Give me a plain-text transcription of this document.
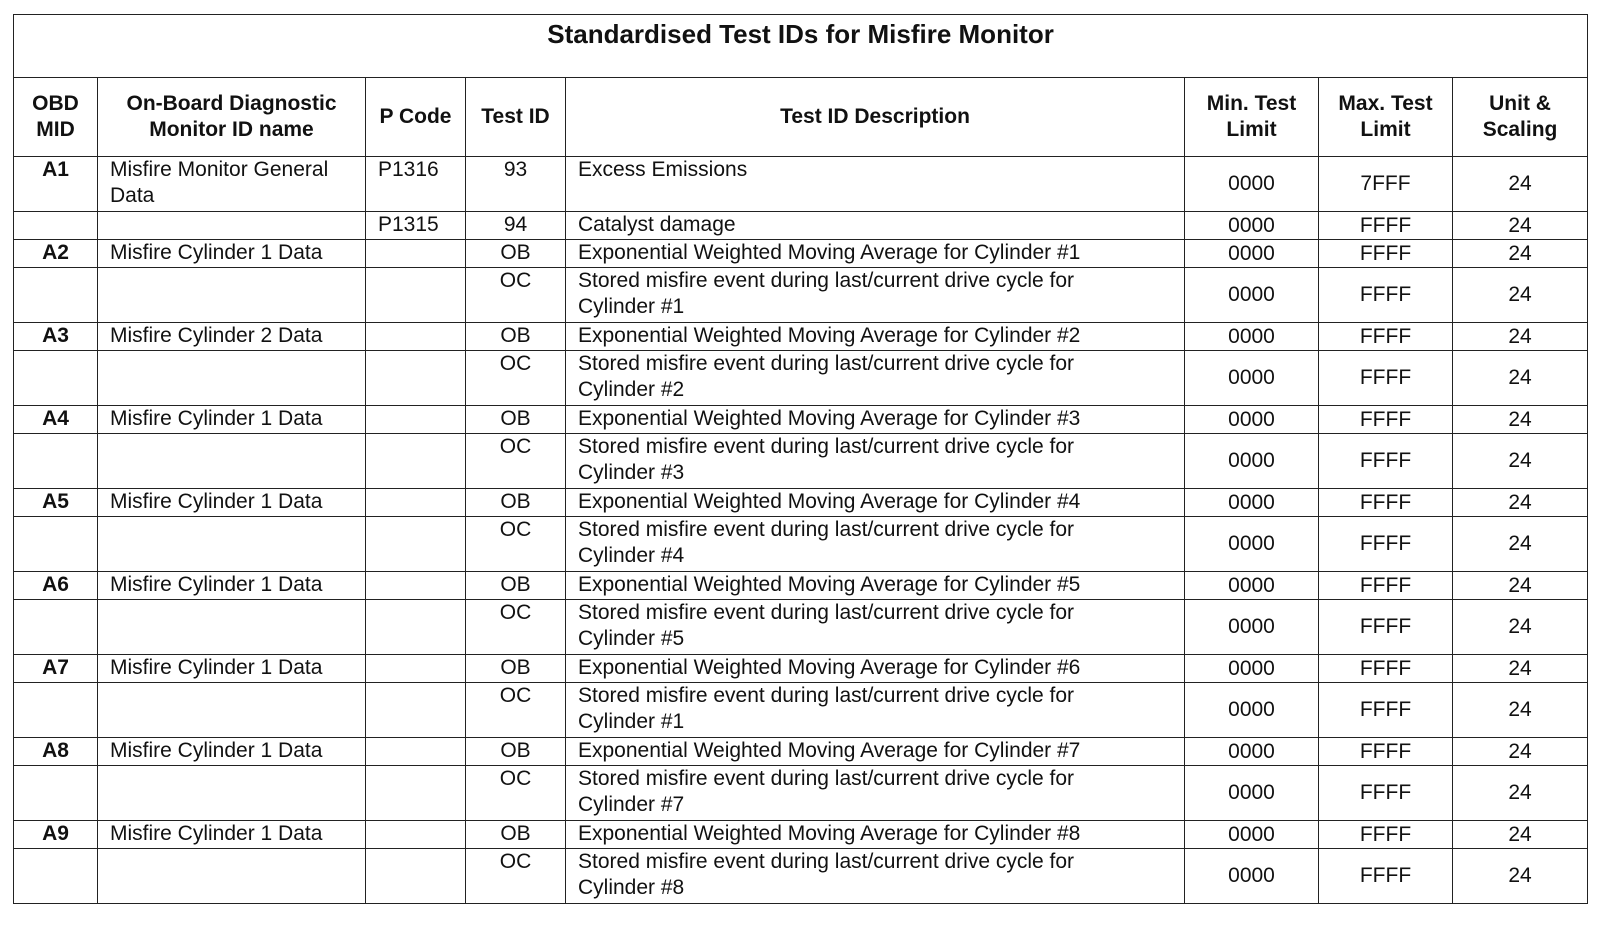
Standardised Test IDs for Misfire Monitor							
OBD MID	On-Board Diagnostic Monitor ID name	P Code	Test ID	Test ID Description	Min. Test Limit	Max. Test Limit	Unit & Scaling
A1	Misfire Monitor General Data	P1316	93	Excess Emissions	0000	7FFF	24
		P1315	94	Catalyst damage	0000	FFFF	24
A2	Misfire Cylinder 1 Data		OB	Exponential Weighted Moving Average for Cylinder #1	0000	FFFF	24
			OC	Stored misfire event during last/current drive cycle for Cylinder #1	0000	FFFF	24
A3	Misfire Cylinder 2 Data		OB	Exponential Weighted Moving Average for Cylinder #2	0000	FFFF	24
			OC	Stored misfire event during last/current drive cycle for Cylinder #2	0000	FFFF	24
A4	Misfire Cylinder 1 Data		OB	Exponential Weighted Moving Average for Cylinder #3	0000	FFFF	24
			OC	Stored misfire event during last/current drive cycle for Cylinder #3	0000	FFFF	24
A5	Misfire Cylinder 1 Data		OB	Exponential Weighted Moving Average for Cylinder #4	0000	FFFF	24
			OC	Stored misfire event during last/current drive cycle for Cylinder #4	0000	FFFF	24
A6	Misfire Cylinder 1 Data		OB	Exponential Weighted Moving Average for Cylinder #5	0000	FFFF	24
			OC	Stored misfire event during last/current drive cycle for Cylinder #5	0000	FFFF	24
A7	Misfire Cylinder 1 Data		OB	Exponential Weighted Moving Average for Cylinder #6	0000	FFFF	24
			OC	Stored misfire event during last/current drive cycle for Cylinder #1	0000	FFFF	24
A8	Misfire Cylinder 1 Data		OB	Exponential Weighted Moving Average for Cylinder #7	0000	FFFF	24
			OC	Stored misfire event during last/current drive cycle for Cylinder #7	0000	FFFF	24
A9	Misfire Cylinder 1 Data		OB	Exponential Weighted Moving Average for Cylinder #8	0000	FFFF	24
			OC	Stored misfire event during last/current drive cycle for Cylinder #8	0000	FFFF	24
